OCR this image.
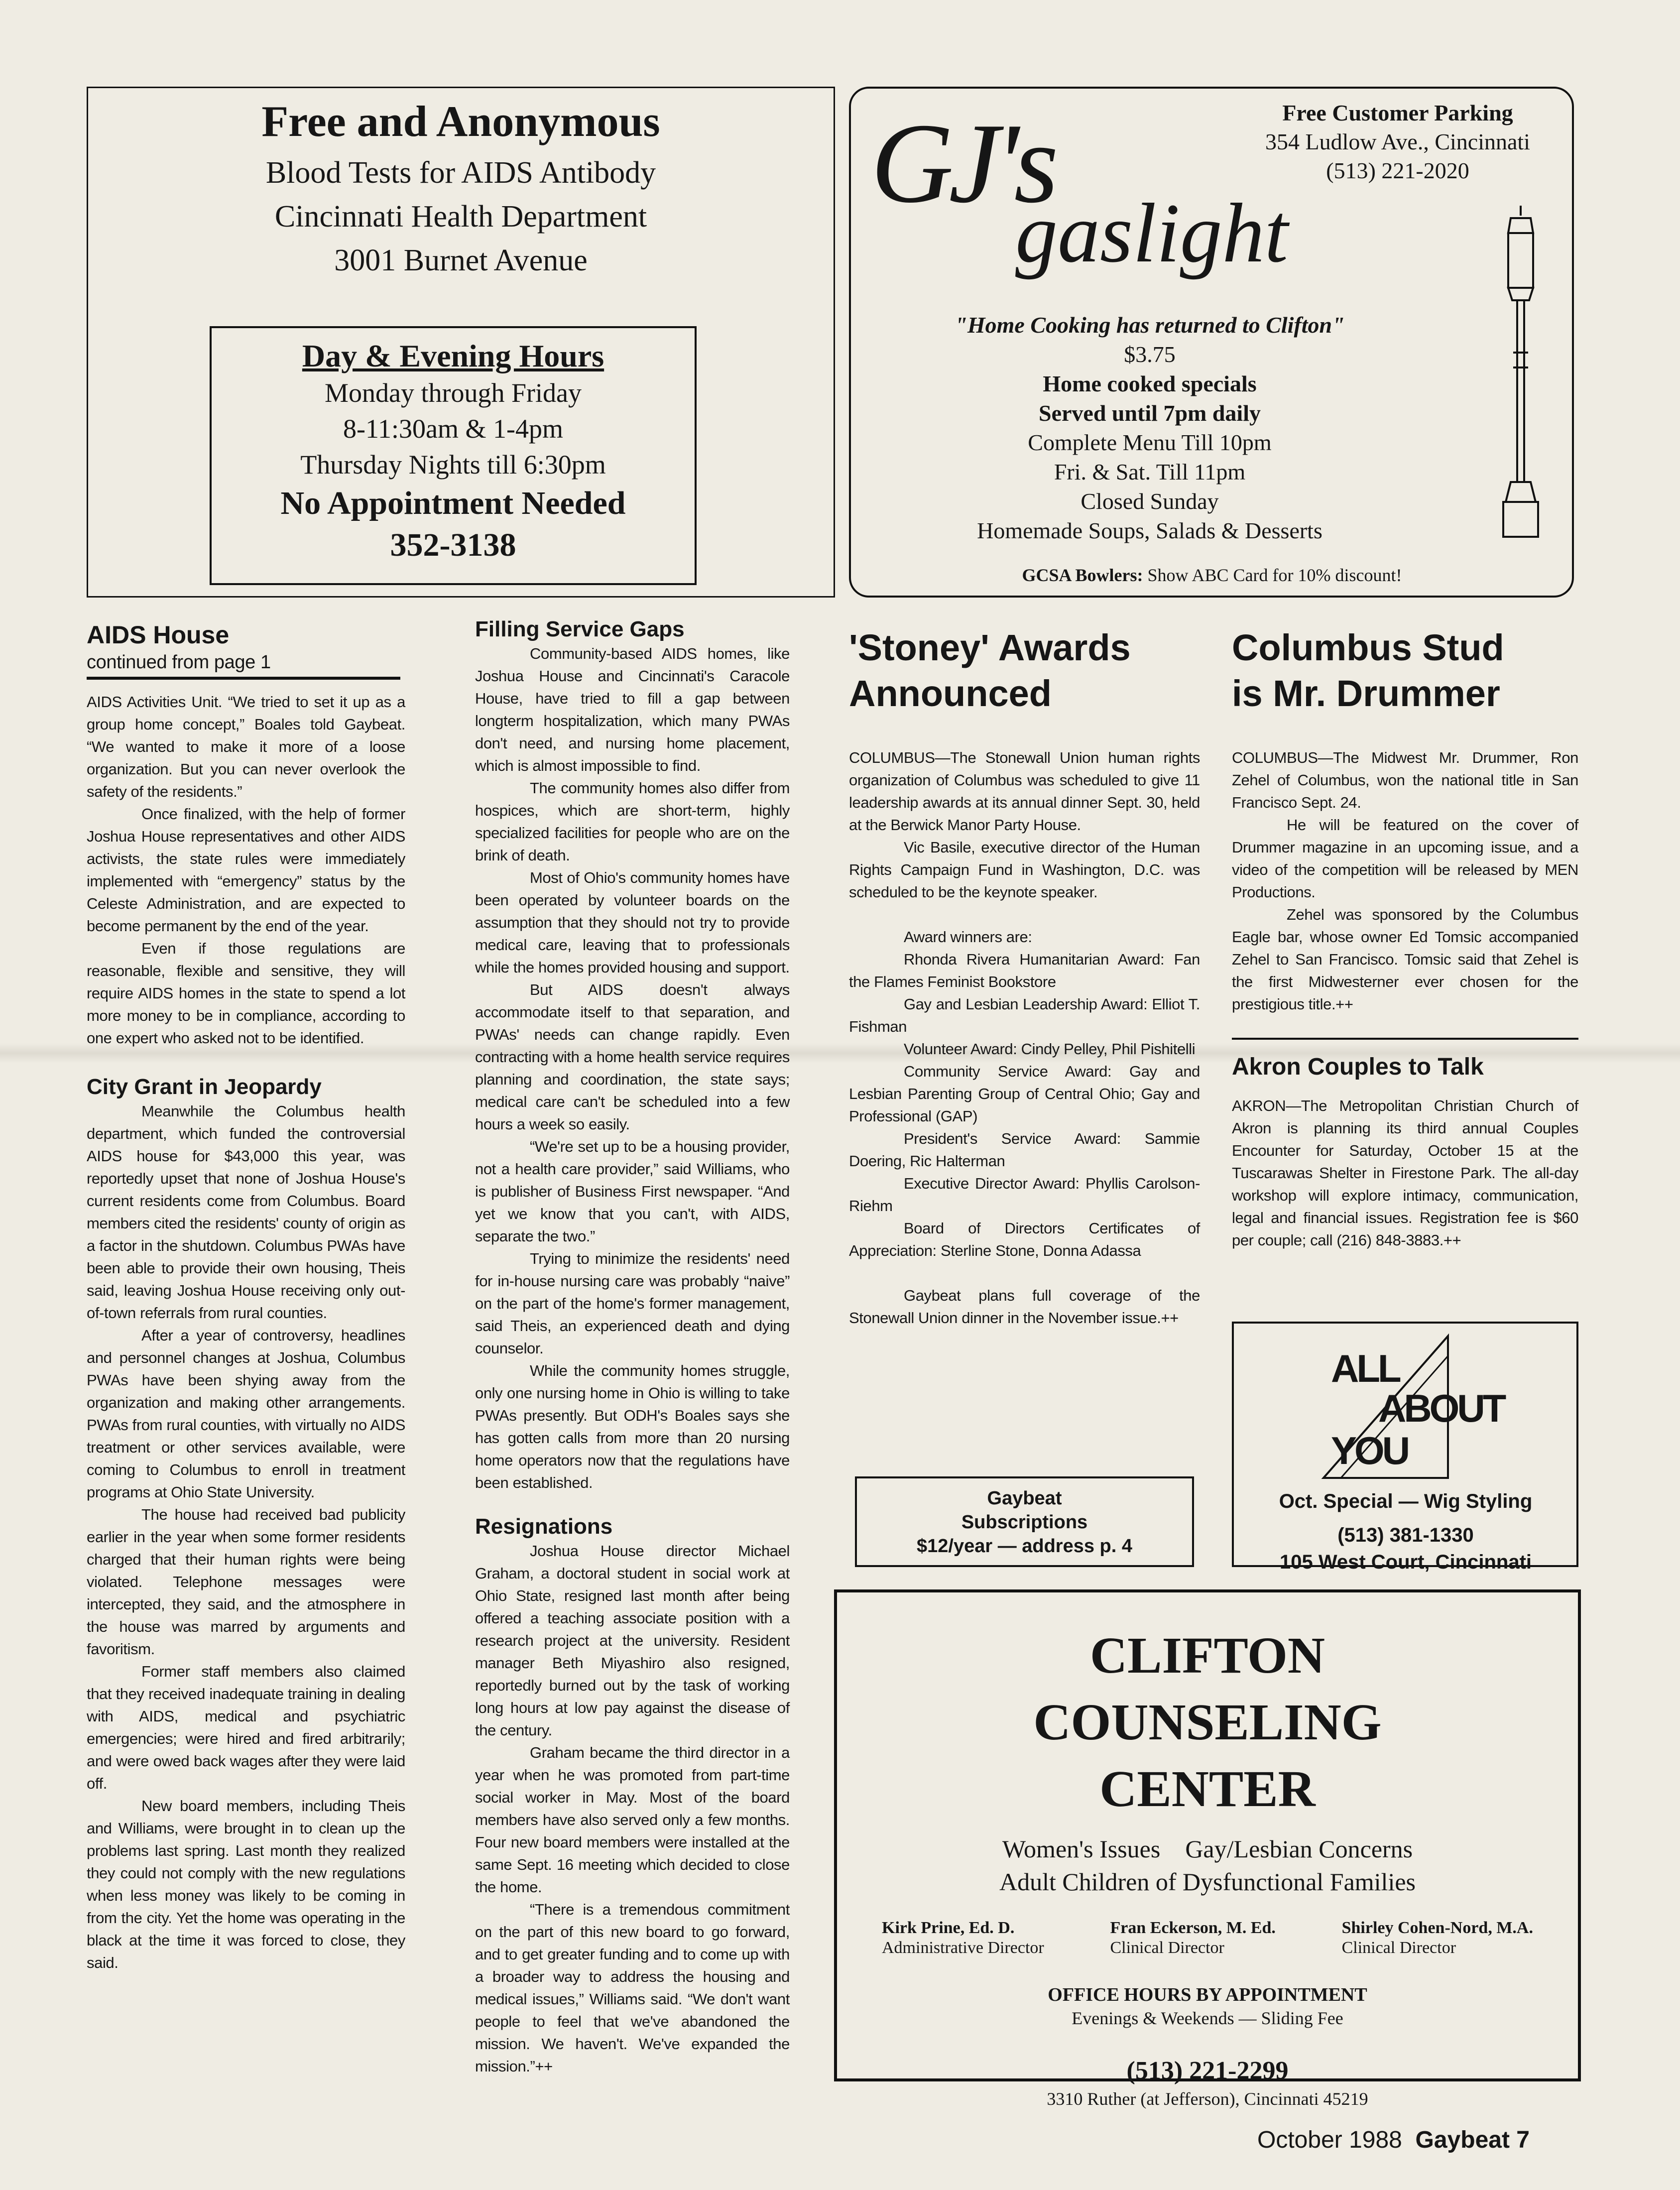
Free and Anonymous
Blood Tests for AIDS Antibody
Cincinnati Health Department
3001 Burnet Avenue
Day & Evening Hours
Monday through Friday
8-11:30am & 1-4pm
Thursday Nights till 6:30pm
No Appointment Needed
352-3138
GJ's
gaslight
Free Customer Parking
354 Ludlow Ave., Cincinnati
(513) 221-2020
"Home Cooking has returned to Clifton"
$3.75
Home cooked specials
Served until 7pm daily
Complete Menu Till 10pm
Fri. & Sat. Till 11pm
Closed Sunday
Homemade Soups, Salads & Desserts
GCSA Bowlers: Show ABC Card for 10% discount!
AIDS House
continued from page 1

AIDS Activities Unit. “We tried to set it up as a group home concept,” Boales told Gaybeat. “We wanted to make it more of a loose organization. But you can never overlook the safety of the residents.”

Once finalized, with the help of former Joshua House representatives and other AIDS activists, the state rules were immediately implemented with “emergency” status by the Celeste Administration, and are expected to become permanent by the end of the year.

Even if those regulations are reasonable, flexible and sensitive, they will require AIDS homes in the state to spend a lot more money to be in compliance, according to one expert who asked not to be identified.

City Grant in Jeopardy

Meanwhile the Columbus health department, which funded the controversial AIDS house for $43,000 this year, was reportedly upset that none of Joshua House's current residents come from Columbus. Board members cited the residents' county of origin as a factor in the shutdown. Columbus PWAs have been able to provide their own housing, Theis said, leaving Joshua House receiving only out-of-town referrals from rural counties.

After a year of controversy, headlines and personnel changes at Joshua, Columbus PWAs have been shying away from the organization and making other arrangements. PWAs from rural counties, with virtually no AIDS treatment or other services available, were coming to Columbus to enroll in treatment programs at Ohio State University.

The house had received bad publicity earlier in the year when some former residents charged that their human rights were being violated. Telephone messages were intercepted, they said, and the atmosphere in the house was marred by arguments and favoritism.

Former staff members also claimed that they received inadequate training in dealing with AIDS, medical and psychiatric emergencies; were hired and fired arbitrarily; and were owed back wages after they were laid off.

New board members, including Theis and Williams, were brought in to clean up the problems last spring. Last month they realized they could not comply with the new regulations when less money was likely to be coming in from the city. Yet the home was operating in the black at the time it was forced to close, they said.

Filling Service Gaps

Community-based AIDS homes, like Joshua House and Cincinnati's Caracole House, have tried to fill a gap between longterm hospitalization, which many PWAs don't need, and nursing home placement, which is almost impossible to find.

The community homes also differ from hospices, which are short-term, highly specialized facilities for people who are on the brink of death.

Most of Ohio's community homes have been operated by volunteer boards on the assumption that they should not try to provide medical care, leaving that to professionals while the homes provided housing and support.

But AIDS doesn't always accommodate itself to that separation, and PWAs' needs can change rapidly. Even contracting with a home health service requires planning and coordination, the state says; medical care can't be scheduled into a few hours a week so easily.

“We're set up to be a housing provider, not a health care provider,” said Williams, who is publisher of Business First newspaper. “And yet we know that you can't, with AIDS, separate the two.”

Trying to minimize the residents' need for in-house nursing care was probably “naive” on the part of the home's former management, said Theis, an experienced death and dying counselor.

While the community homes struggle, only one nursing home in Ohio is willing to take PWAs presently. But ODH's Boales says she has gotten calls from more than 20 nursing home operators now that the regulations have been established.

Resignations

Joshua House director Michael Graham, a doctoral student in social work at Ohio State, resigned last month after being offered a teaching associate position with a research project at the university. Resident manager Beth Miyashiro also resigned, reportedly burned out by the task of working long hours at low pay against the disease of the century.

Graham became the third director in a year when he was promoted from part-time social worker in May. Most of the board members have also served only a few months. Four new board members were installed at the same Sept. 16 meeting which decided to close the home.

“There is a tremendous commitment on the part of this new board to go forward, and to get greater funding and to come up with a broader way to address the housing and medical issues,” Williams said. “We don't want people to feel that we've abandoned the mission. We haven't. We've expanded the mission.”++

'Stoney' Awards Announced

COLUMBUS—The Stonewall Union human rights organization of Columbus was scheduled to give 11 leadership awards at its annual dinner Sept. 30, held at the Berwick Manor Party House.

Vic Basile, executive director of the Human Rights Campaign Fund in Washington, D.C. was scheduled to be the keynote speaker.

Award winners are:

Rhonda Rivera Humanitarian Award: Fan the Flames Feminist Bookstore

Gay and Lesbian Leadership Award: Elliot T. Fishman

Volunteer Award: Cindy Pelley, Phil Pishitelli

Community Service Award: Gay and Lesbian Parenting Group of Central Ohio; Gay and Professional (GAP)

President's Service Award: Sammie Doering, Ric Halterman

Executive Director Award: Phyllis Carolson-Riehm

Board of Directors Certificates of Appreciation: Sterline Stone, Donna Adassa

Gaybeat plans full coverage of the Stonewall Union dinner in the November issue.++

Gaybeat
Subscriptions
$12/year — address p. 4
Columbus Stud is Mr. Drummer

COLUMBUS—The Midwest Mr. Drummer, Ron Zehel of Columbus, won the national title in San Francisco Sept. 24.

He will be featured on the cover of Drummer magazine in an upcoming issue, and a video of the competition will be released by MEN Productions.

Zehel was sponsored by the Columbus Eagle bar, whose owner Ed Tomsic accompanied Zehel to San Francisco. Tomsic said that Zehel is the first Midwesterner ever chosen for the prestigious title.++

Akron Couples to Talk

AKRON—The Metropolitan Christian Church of Akron is planning its third annual Couples Encounter for Saturday, October 15 at the Tuscarawas Shelter in Firestone Park. The all-day workshop will explore intimacy, communication, legal and financial issues. Registration fee is $60 per couple; call (216) 848-3883.++

ALL
ABOUT
YOU
Oct. Special — Wig Styling
(513) 381-1330
105 West Court, Cincinnati
CLIFTON
COUNSELING
CENTER
Women's Issues Gay/Lesbian Concerns
Adult Children of Dysfunctional Families
Kirk Prine, Ed. D.
Administrative Director
Fran Eckerson, M. Ed.
Clinical Director
Shirley Cohen-Nord, M.A.
Clinical Director
OFFICE HOURS BY APPOINTMENT
Evenings & Weekends — Sliding Fee
(513) 221-2299
3310 Ruther (at Jefferson), Cincinnati 45219
October 1988 Gaybeat 7
